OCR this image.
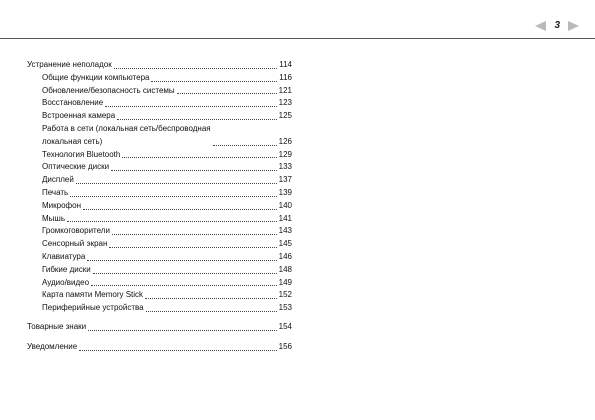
3
Устранение неполадок	114
Общие функции компьютера	116
Обновление/безопасность системы	121
Восстановление	123
Встроенная камера	125
Работа в сети (локальная сеть/беспроводная
локальная сеть)	126
Технология Bluetooth	129
Оптические диски	133
Дисплей	137
Печать	139
Микрофон	140
Мышь	141
Громкоговорители	143
Сенсорный экран	145
Клавиатура	146
Гибкие диски	148
Аудио/видео	149
Карта памяти Memory Stick	152
Периферийные устройства	153
Товарные знаки	154
Уведомление	156
